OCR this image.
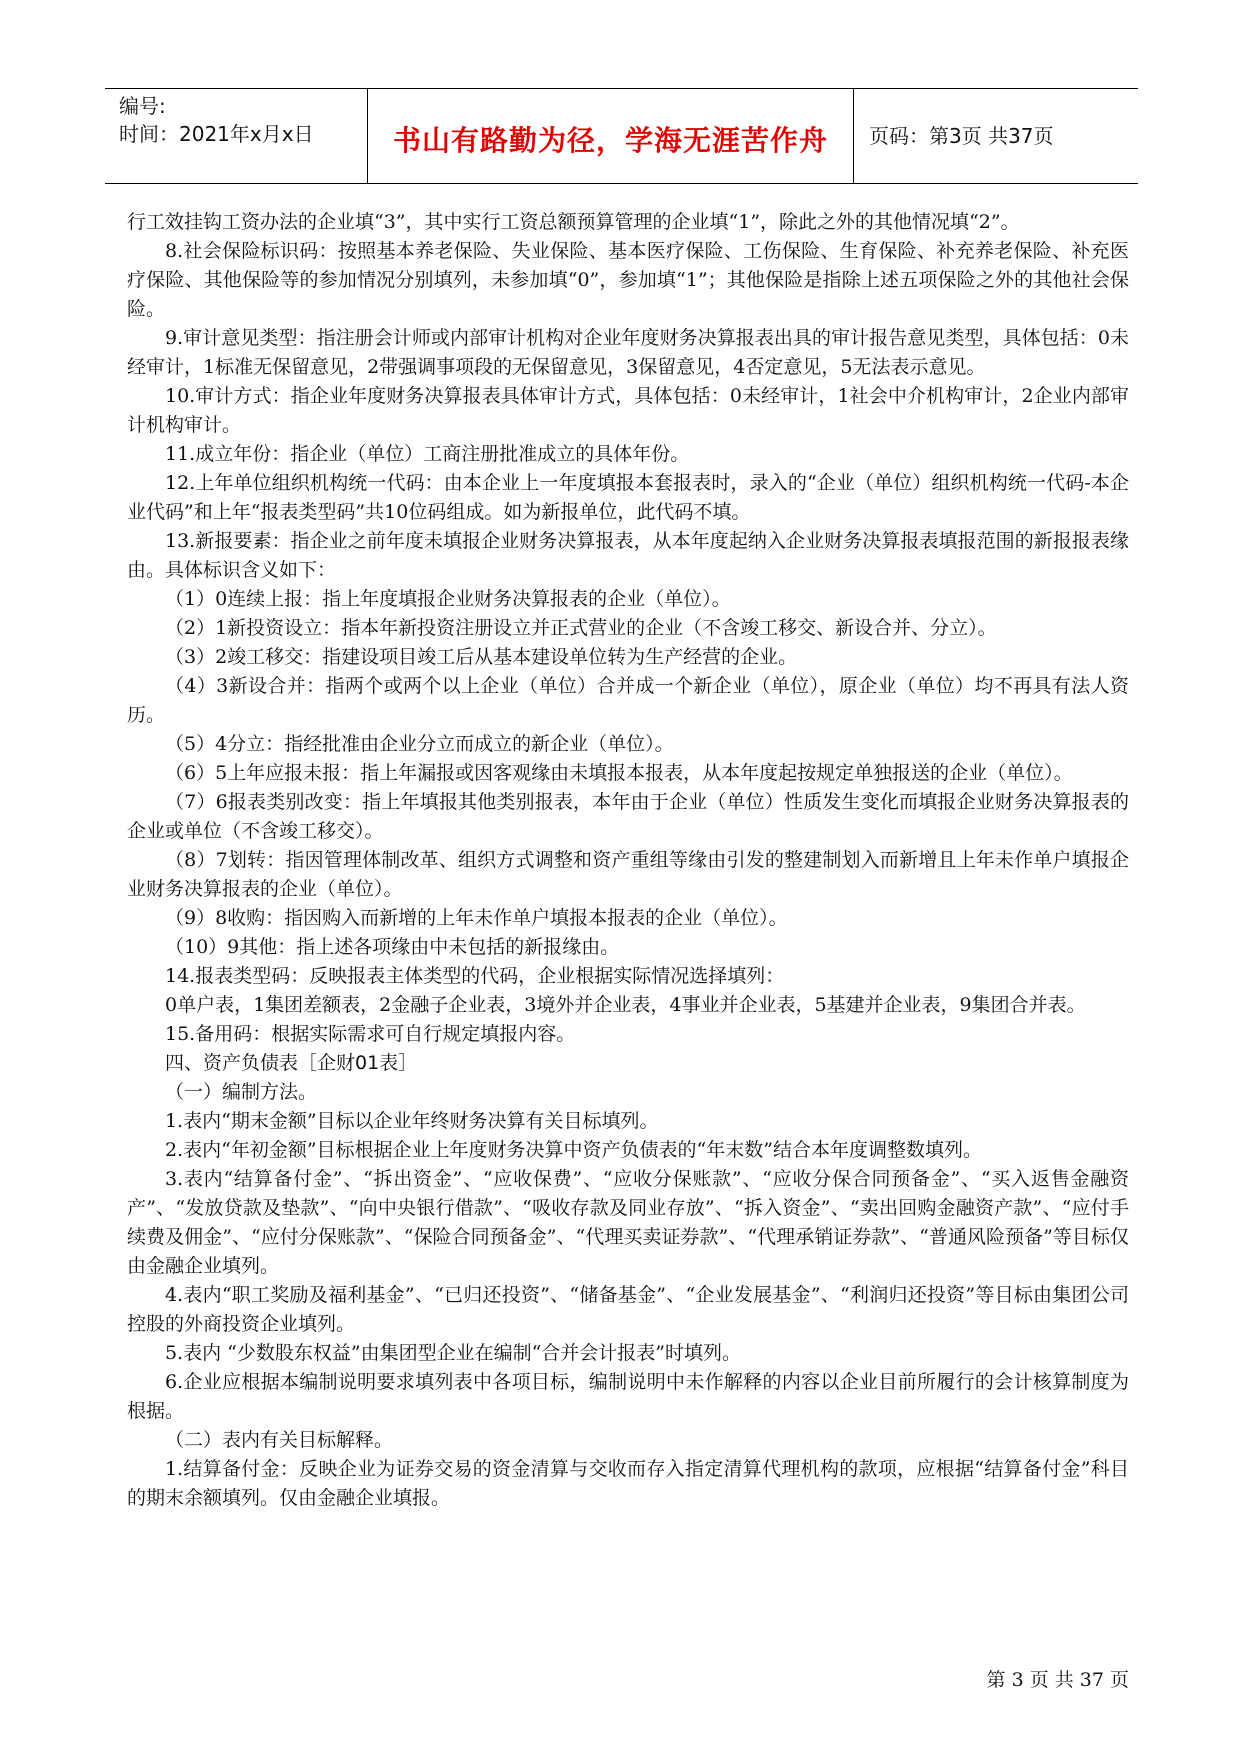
编号:
时间：2021年x月x日	书山有路勤为径，学海无涯苦作舟	页码：第3页 共37页

行工效挂钩工资办法的企业填“3”，其中实行工资总额预算管理的企业填“1”，除此之外的其他情况填“2”。

8.社会保险标识码：按照基本养老保险、失业保险、基本医疗保险、工伤保险、生育保险、补充养老保险、补充医疗保险、其他保险等的参加情况分别填列，未参加填“0”，参加填“1”；其他保险是指除上述五项保险之外的其他社会保险。

9.审计意见类型：指注册会计师或内部审计机构对企业年度财务决算报表出具的审计报告意见类型，具体包括：0未经审计，1标准无保留意见，2带强调事项段的无保留意见，3保留意见，4否定意见，5无法表示意见。

10.审计方式：指企业年度财务决算报表具体审计方式，具体包括：0未经审计，1社会中介机构审计，2企业内部审计机构审计。

11.成立年份：指企业（单位）工商注册批准成立的具体年份。

12.上年单位组织机构统一代码：由本企业上一年度填报本套报表时，录入的“企业（单位）组织机构统一代码-本企业代码”和上年“报表类型码”共10位码组成。如为新报单位，此代码不填。

13.新报要素：指企业之前年度未填报企业财务决算报表，从本年度起纳入企业财务决算报表填报范围的新报报表缘由。具体标识含义如下：

（1）0连续上报：指上年度填报企业财务决算报表的企业（单位）。

（2）1新投资设立：指本年新投资注册设立并正式营业的企业（不含竣工移交、新设合并、分立）。

（3）2竣工移交：指建设项目竣工后从基本建设单位转为生产经营的企业。

（4）3新设合并：指两个或两个以上企业（单位）合并成一个新企业（单位），原企业（单位）均不再具有法人资历。

（5）4分立：指经批准由企业分立而成立的新企业（单位）。

（6）5上年应报未报：指上年漏报或因客观缘由未填报本报表，从本年度起按规定单独报送的企业（单位）。

（7）6报表类别改变：指上年填报其他类别报表，本年由于企业（单位）性质发生变化而填报企业财务决算报表的企业或单位（不含竣工移交）。

（8）7划转：指因管理体制改革、组织方式调整和资产重组等缘由引发的整建制划入而新增且上年未作单户填报企业财务决算报表的企业（单位）。

（9）8收购：指因购入而新增的上年未作单户填报本报表的企业（单位）。

（10）9其他：指上述各项缘由中未包括的新报缘由。

14.报表类型码：反映报表主体类型的代码，企业根据实际情况选择填列：

0单户表，1集团差额表，2金融子企业表，3境外并企业表，4事业并企业表，5基建并企业表，9集团合并表。

15.备用码：根据实际需求可自行规定填报内容。

四、资产负债表［企财01表］

（一）编制方法。

1.表内“期末金额”目标以企业年终财务决算有关目标填列。

2.表内“年初金额”目标根据企业上年度财务决算中资产负债表的“年末数”结合本年度调整数填列。

3.表内“结算备付金”、“拆出资金”、“应收保费”、“应收分保账款”、“应收分保合同预备金”、“买入返售金融资产”、“发放贷款及垫款”、“向中央银行借款”、“吸收存款及同业存放”、“拆入资金”、“卖出回购金融资产款”、“应付手续费及佣金”、“应付分保账款”、“保险合同预备金”、“代理买卖证券款”、“代理承销证券款”、“普通风险预备”等目标仅由金融企业填列。

4.表内“职工奖励及福利基金”、“已归还投资”、“储备基金”、“企业发展基金”、“利润归还投资”等目标由集团公司控股的外商投资企业填列。

5.表内 “少数股东权益”由集团型企业在编制“合并会计报表”时填列。

6.企业应根据本编制说明要求填列表中各项目标，编制说明中未作解释的内容以企业目前所履行的会计核算制度为根据。

（二）表内有关目标解释。

1.结算备付金：反映企业为证券交易的资金清算与交收而存入指定清算代理机构的款项，应根据“结算备付金”科目的期末余额填列。仅由金融企业填报。

第 3 页 共 37 页
